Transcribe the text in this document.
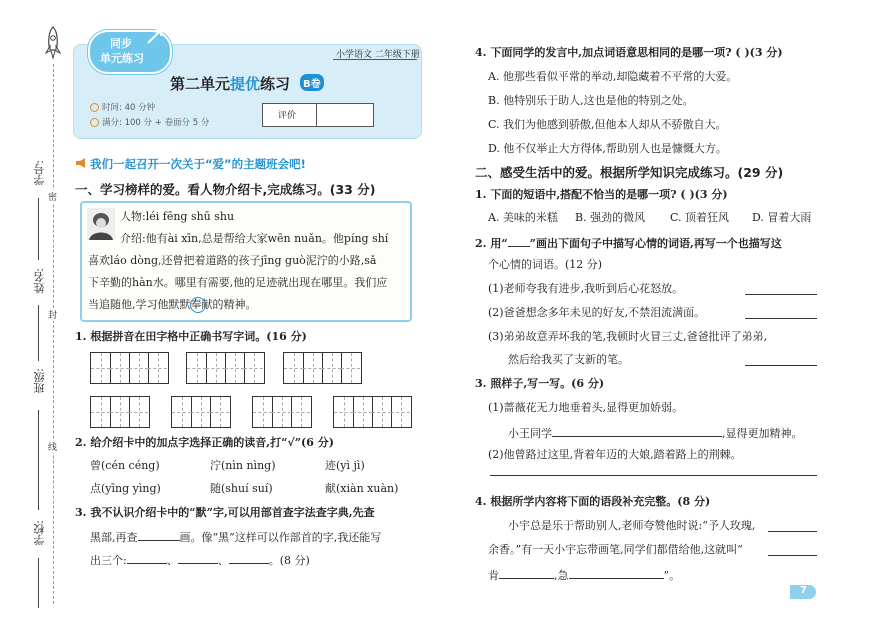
学号:
姓名:
班级:
学校:
密
封
线
同步
单元练习	小学语文 二年级下册
第二单元提优练习	B卷
时间: 40 分钟
满分: 100 分 + 卷面分 5 分
评价
我们一起召开一次关于“爱”的主题班会吧!
一、学习榜样的爱。看人物介绍卡,完成练习。(33 分)
人物:léi fēng shū shu
介绍:他有ài xīn,总是帮给大家wēn nuǎn。他píng shí
喜欢láo dòng,还曾把着道路的孩子jīng guò泥泞的小路,sǎ
下辛勤的hàn水。哪里有需要,他的足迹就出现在哪里。我们应
当追随他,学习他默默奉献的精神。
1. 根据拼音在田字格中正确书写字词。(16 分)
2. 给介绍卡中的加点字选择正确的读音,打“√”(6 分)
曾(cén céng)	泞(nìn nìng)	迹(yì jì)
点(yīng yìng)	随(shuí suí)	献(xiàn xuàn)
3. 我不认识介绍卡中的“默”字,可以用部首查字法查字典,先查
黑部,再查	画。像“黑”这样可以作部首的字,我还能写
出三个:	、	、	。(8 分)
4. 下面同学的发言中,加点词语意思相同的是哪一项? ( )(3 分)
A. 他那些看似平常的举动,却隐藏着不平常的大爱。
B. 他特别乐于助人,这也是他的特别之处。
C. 我们为他感到骄傲,但他本人却从不骄傲自大。
D. 他不仅举止大方得体,帮助别人也是慷慨大方。
二、感受生活中的爱。根据所学知识完成练习。(29 分)
1. 下面的短语中,搭配不恰当的是哪一项? ( )(3 分)
A. 美味的米糕 B. 强劲的微风 C. 顶着狂风 D. 冒着大雨
2. 用“ ”画出下面句子中描写心情的词语,再写一个也描写这
个心情的词语。(12 分)
(1)老师夸我有进步,我听到后心花怒放。
(2)爸爸想念多年未见的好友,不禁泪流满面。
(3)弟弟故意弄坏我的笔,我顿时火冒三丈,爸爸批评了弟弟,
然后给我买了支新的笔。
3. 照样子,写一写。(6 分)
(1)蔷薇花无力地垂着头,显得更加娇弱。
小王同学	,显得更加精神。
(2)他曾路过这里,背着年迈的大娘,踏着路上的荆棘。
4. 根据所学内容将下面的语段补充完整。(8 分)
小宇总是乐于帮助别人,老师夸赞他时说:“予人玫瑰,
余香。”有一天小宇忘带画笔,同学们都借给他,这就叫“
肯	,急	”。
7
